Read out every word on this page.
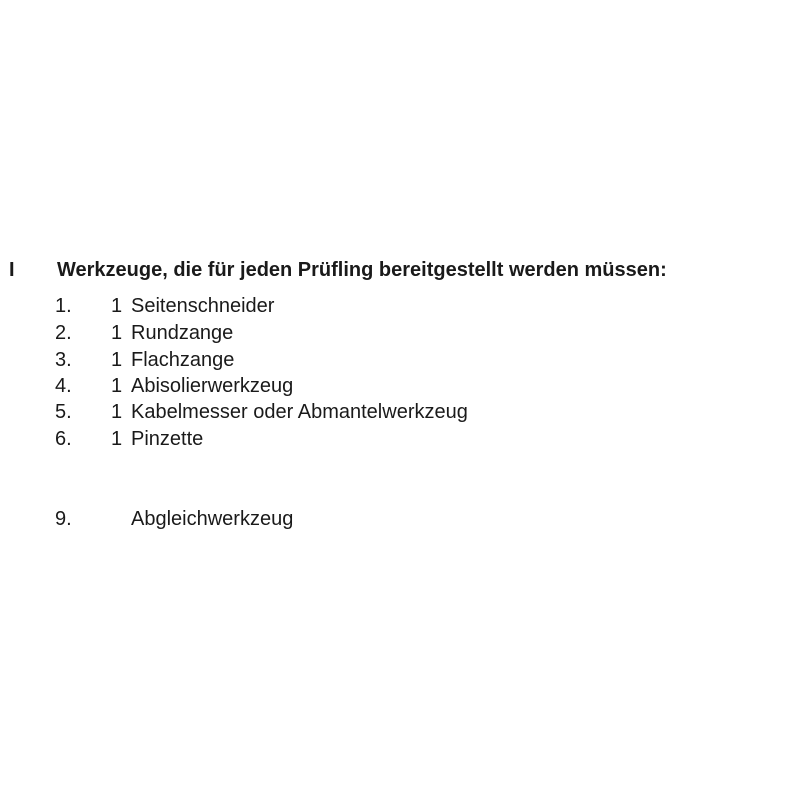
I Werkzeuge, die für jeden Prüfling bereitgestellt werden müssen:
1. 1 Seitenschneider
2. 1 Rundzange
3. 1 Flachzange
4. 1 Abisolierwerkzeug
5. 1 Kabelmesser oder Abmantelwerkzeug
6. 1 Pinzette
9.	Abgleichwerkzeug
